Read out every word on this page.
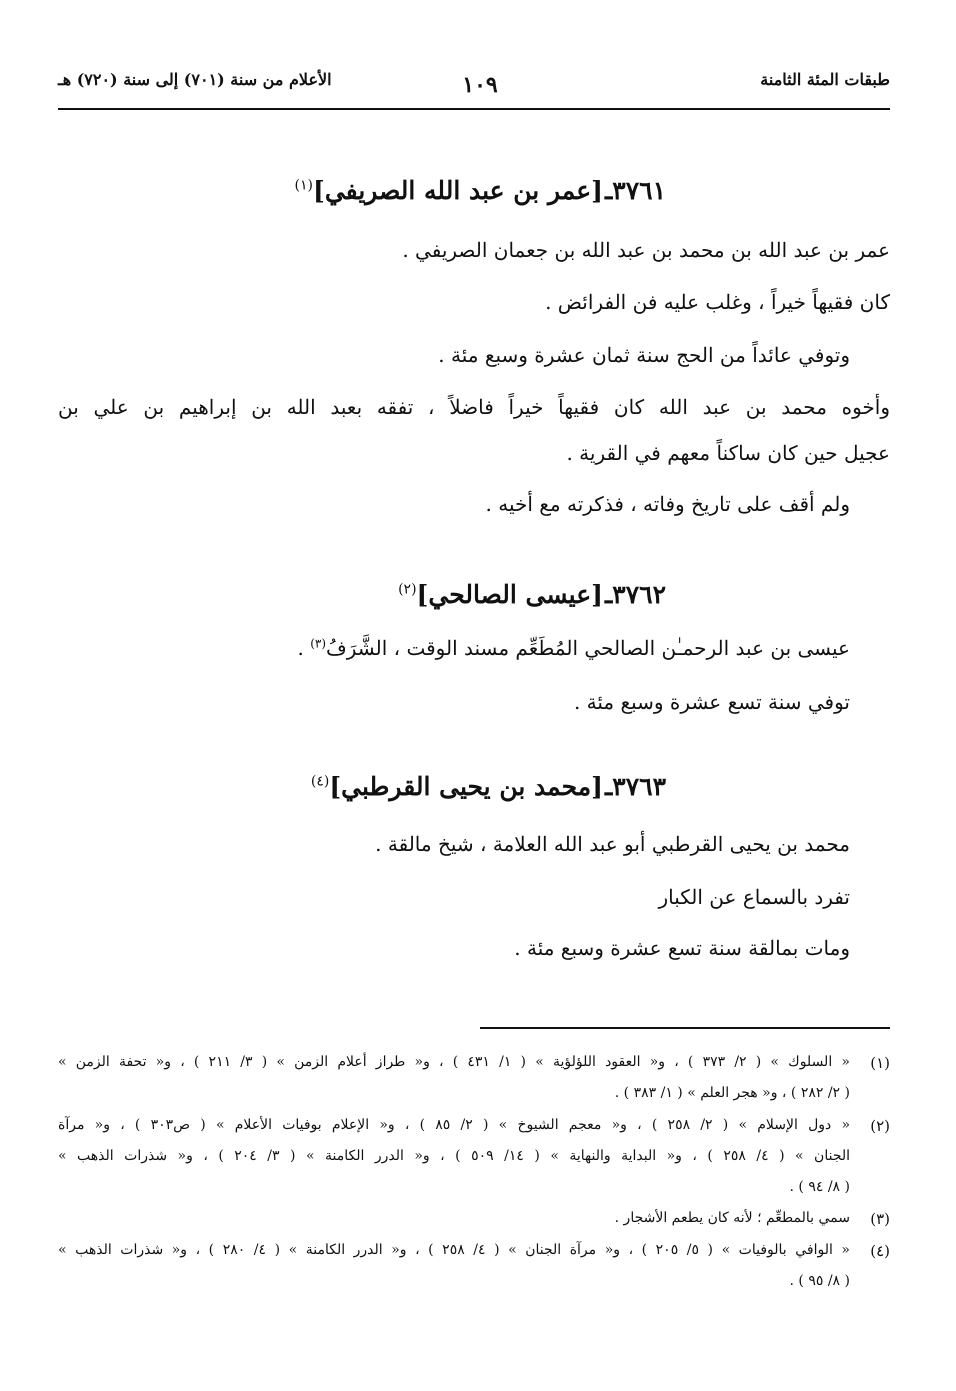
طبقات المئة الثامنة
١٠٩
الأعلام من سنة (٧٠١) إلى سنة (٧٢٠) هـ
٣٧٦١ـ[عمر بن عبد الله الصريفي]$^{(١)}$
عمر بن عبد الله بن محمد بن عبد الله بن جعمان الصريفي .
كان فقيهاً خيراً ، وغلب عليه فن الفرائض .
وتوفي عائداً من الحج سنة ثمان عشرة وسبع مئة .
وأخوه محمد بن عبد الله كان فقيهاً خيراً فاضلاً ، تفقه بعبد الله بن إبراهيم بن علي بن
عجيل حين كان ساكناً معهم في القرية .
ولم أقف على تاريخ وفاته ، فذكرته مع أخيه .
٣٧٦٢ـ[عيسى الصالحي]$^{(٢)}$
عيسى بن عبد الرحمـٰن الصالحي المُطَعِّم مسند الوقت ، الشَّرَفُ$^{(٣)}$ .
توفي سنة تسع عشرة وسبع مئة .
٣٧٦٣ـ[محمد بن يحيى القرطبي]$^{(٤)}$
محمد بن يحيى القرطبي أبو عبد الله العلامة ، شيخ مالقة .
تفرد بالسماع عن الكبار
ومات بمالقة سنة تسع عشرة وسبع مئة .
(١)
« السلوك » ( ٢/ ٣٧٣ ) ، و« العقود اللؤلؤية » ( ١/ ٤٣١ ) ، و« طراز أعلام الزمن » ( ٣/ ٢١١ ) ، و« تحفة الزمن »
( ٢/ ٢٨٢ ) ، و« هجر العلم » ( ١/ ٣٨٣ ) .
(٢)
« دول الإسلام » ( ٢/ ٢٥٨ ) ، و« معجم الشيوخ » ( ٢/ ٨٥ ) ، و« الإعلام بوفيات الأعلام » ( ص٣٠٣ ) ، و« مرآة
الجنان » ( ٤/ ٢٥٨ ) ، و« البداية والنهاية » ( ١٤/ ٥٠٩ ) ، و« الدرر الكامنة » ( ٣/ ٢٠٤ ) ، و« شذرات الذهب »
( ٨/ ٩٤ ) .
(٣)
سمي بالمطعِّم ؛ لأنه كان يطعم الأشجار .
(٤)
« الوافي بالوفيات » ( ٥/ ٢٠٥ ) ، و« مرآة الجنان » ( ٤/ ٢٥٨ ) ، و« الدرر الكامنة » ( ٤/ ٢٨٠ ) ، و« شذرات الذهب »
( ٨/ ٩٥ ) .
